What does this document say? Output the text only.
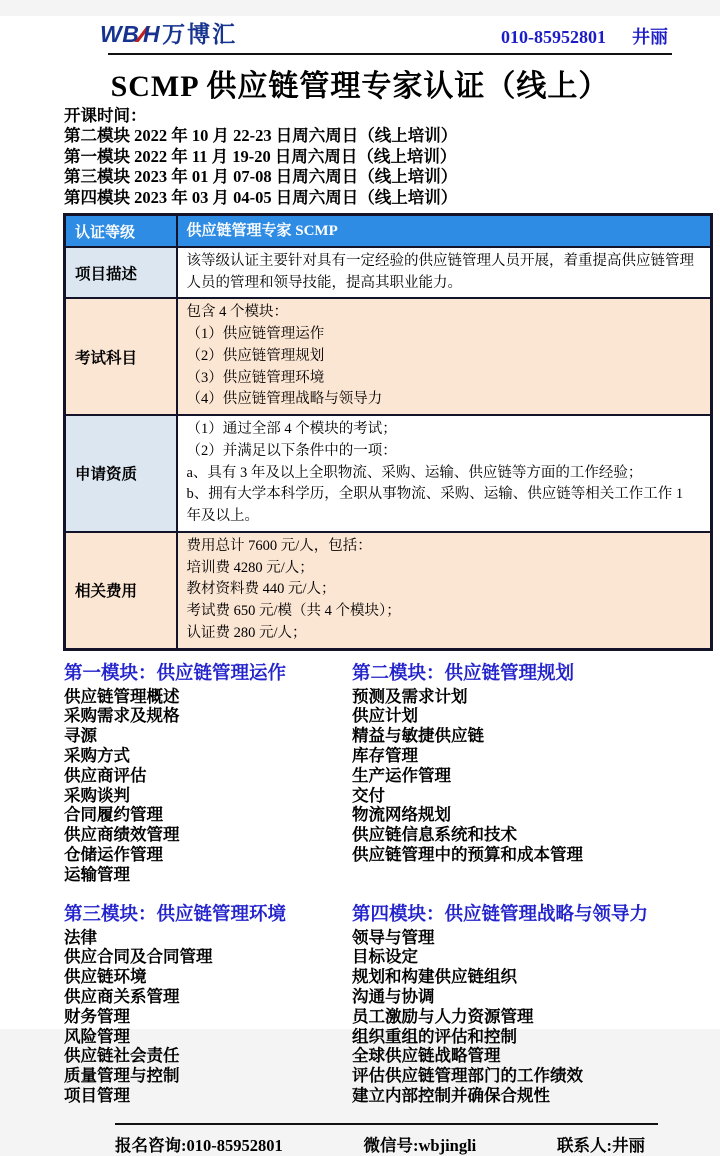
WB⁄⁄H万博汇	010-85952801 井丽
SCMP 供应链管理专家认证（线上）
开课时间：
第二模块 2022 年 10 月 22-23 日周六周日（线上培训）
第一模块 2022 年 11 月 19-20 日周六周日（线上培训）
第三模块 2023 年 01 月 07-08 日周六周日（线上培训）
第四模块 2023 年 03 月 04-05 日周六周日（线上培训）
认证等级	供应链管理专家 SCMP

项目描述	该等级认证主要针对具有一定经验的供应链管理人员开展，着重提高供应链管理人员的管理和领导技能，提高其职业能力。

考试科目	包含 4 个模块：
（1）供应链管理运作
（2）供应链管理规划
（3）供应链管理环境
（4）供应链管理战略与领导力

申请资质	（1）通过全部 4 个模块的考试；
（2）并满足以下条件中的一项：
a、具有 3 年及以上全职物流、采购、运输、供应链等方面的工作经验；
b、拥有大学本科学历，全职从事物流、采购、运输、供应链等相关工作工作 1 年及以上。

相关费用	费用总计 7600 元/人，包括：
培训费 4280 元/人；
教材资料费 440 元/人；
考试费 650 元/模（共 4 个模块）；
认证费 280 元/人；
第一模块：供应链管理运作
供应链管理概述
采购需求及规格
寻源
采购方式
供应商评估
采购谈判
合同履约管理
供应商绩效管理
仓储运作管理
运输管理
第二模块：供应链管理规划
预测及需求计划
供应计划
精益与敏捷供应链
库存管理
生产运作管理
交付
物流网络规划
供应链信息系统和技术
供应链管理中的预算和成本管理
第三模块：供应链管理环境
法律
供应合同及合同管理
供应链环境
供应商关系管理
财务管理
风险管理
供应链社会责任
质量管理与控制
项目管理
第四模块：供应链管理战略与领导力
领导与管理
目标设定
规划和构建供应链组织
沟通与协调
员工激励与人力资源管理
组织重组的评估和控制
全球供应链战略管理
评估供应链管理部门的工作绩效
建立内部控制并确保合规性
报名咨询:010-85952801	微信号:wbjingli	联系人:井丽
